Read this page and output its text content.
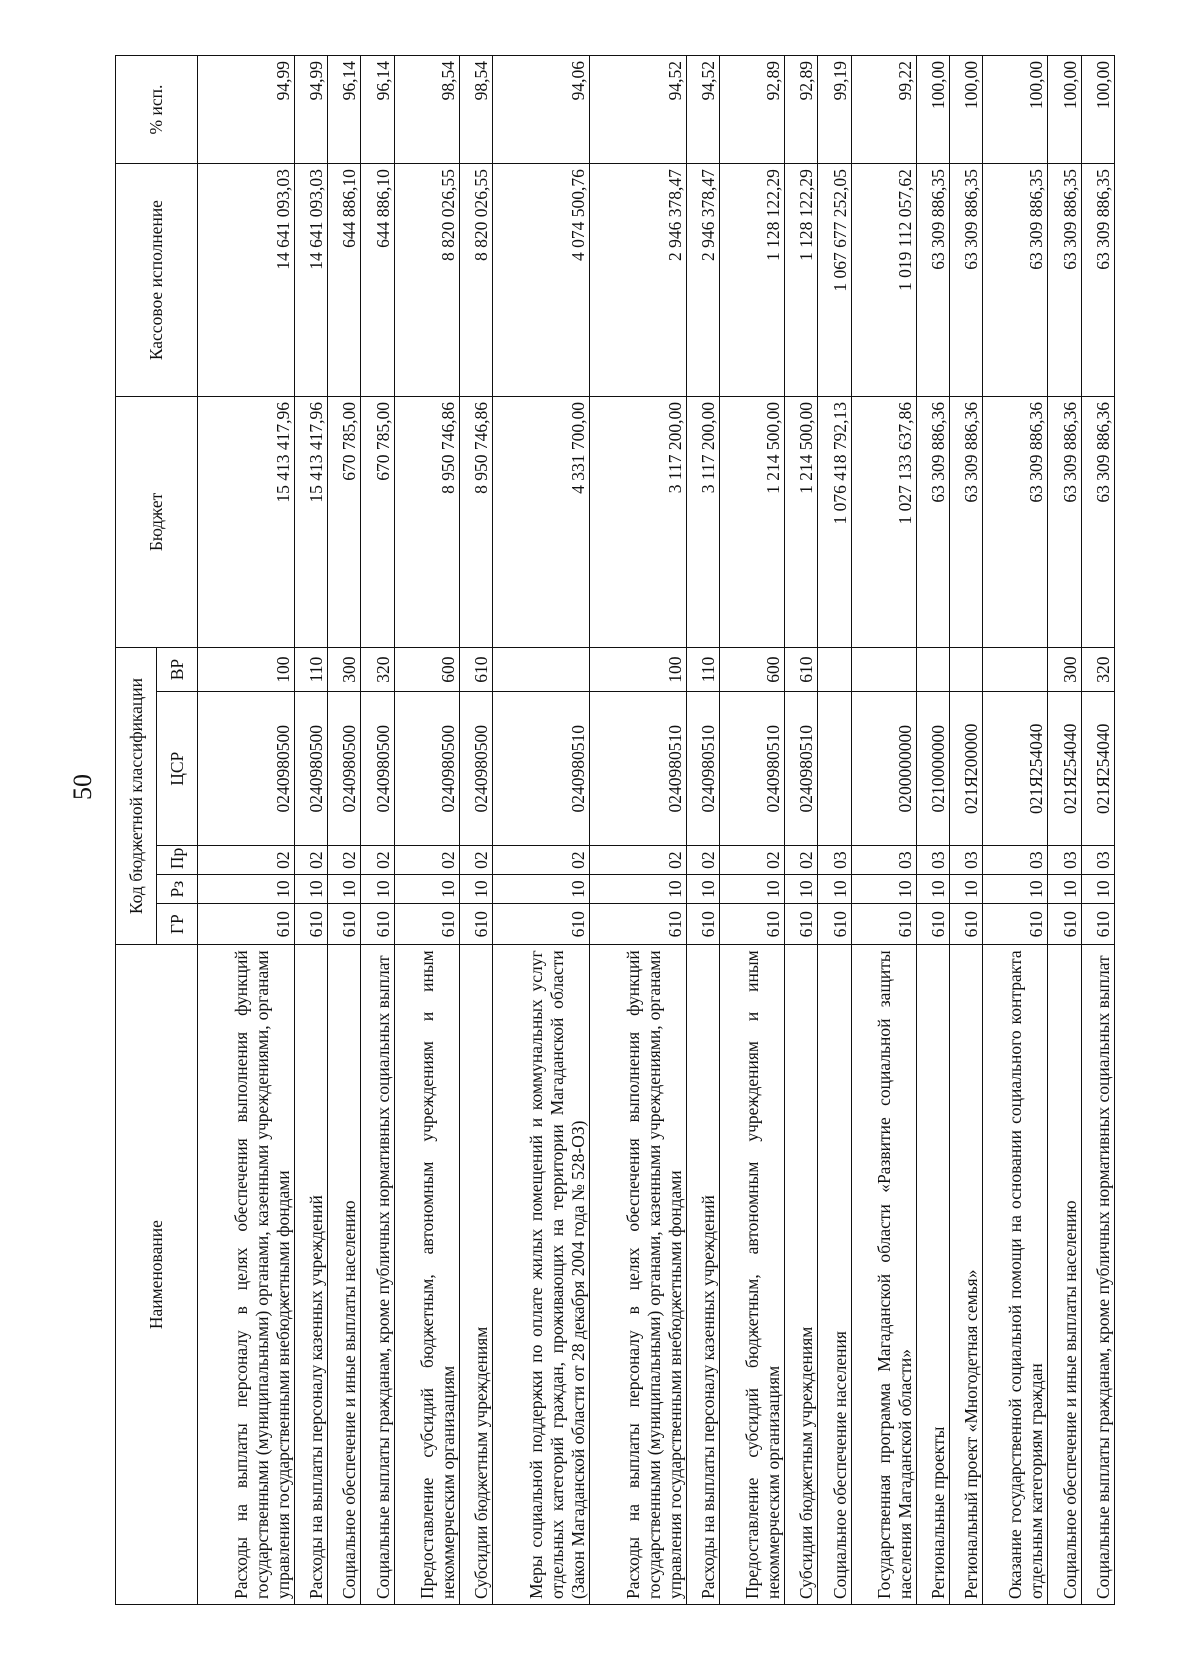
50
Наименование	Код бюджетной классификации					Бюджет	Кассовое исполнение	% исп.
	ГР	Рз	Пр	ЦСР	ВР			
Расходы на выплаты персоналу в целях обеспечения выполнения функций государственными (муниципальными) органами, казенными учреждениями, органами управления государственными внебюджетными фондами	610	10	02	0240980500	100	15 413 417,96	14 641 093,03	94,99
Расходы на выплаты персоналу казенных учреждений	610	10	02	0240980500	110	15 413 417,96	14 641 093,03	94,99
Социальное обеспечение и иные выплаты населению	610	10	02	0240980500	300	670 785,00	644 886,10	96,14
Социальные выплаты гражданам, кроме публичных нормативных социальных выплат	610	10	02	0240980500	320	670 785,00	644 886,10	96,14
Предоставление субсидий бюджетным, автономным учреждениям и иным некоммерческим организациям	610	10	02	0240980500	600	8 950 746,86	8 820 026,55	98,54
Субсидии бюджетным учреждениям	610	10	02	0240980500	610	8 950 746,86	8 820 026,55	98,54
Меры социальной поддержки по оплате жилых помещений и коммунальных услуг отдельных категорий граждан, проживающих на территории Магаданской области (Закон Магаданской области от 28 декабря 2004 года № 528-ОЗ)	610	10	02	0240980510		4 331 700,00	4 074 500,76	94,06
Расходы на выплаты персоналу в целях обеспечения выполнения функций государственными (муниципальными) органами, казенными учреждениями, органами управления государственными внебюджетными фондами	610	10	02	0240980510	100	3 117 200,00	2 946 378,47	94,52
Расходы на выплаты персоналу казенных учреждений	610	10	02	0240980510	110	3 117 200,00	2 946 378,47	94,52
Предоставление субсидий бюджетным, автономным учреждениям и иным некоммерческим организациям	610	10	02	0240980510	600	1 214 500,00	1 128 122,29	92,89
Субсидии бюджетным учреждениям	610	10	02	0240980510	610	1 214 500,00	1 128 122,29	92,89
Социальное обеспечение населения	610	10	03			1 076 418 792,13	1 067 677 252,05	99,19
Государственная программа Магаданской области «Развитие социальной защиты населения Магаданской области»	610	10	03	0200000000		1 027 133 637,86	1 019 112 057,62	99,22
Региональные проекты	610	10	03	0210000000		63 309 886,36	63 309 886,35	100,00
Региональный проект «Многодетная семья»	610	10	03	021Я200000		63 309 886,36	63 309 886,35	100,00
Оказание государственной социальной помощи на основании социального контракта отдельным категориям граждан	610	10	03	021Я254040		63 309 886,36	63 309 886,35	100,00
Социальное обеспечение и иные выплаты населению	610	10	03	021Я254040	300	63 309 886,36	63 309 886,35	100,00
Социальные выплаты гражданам, кроме публичных нормативных социальных выплат	610	10	03	021Я254040	320	63 309 886,36	63 309 886,35	100,00
